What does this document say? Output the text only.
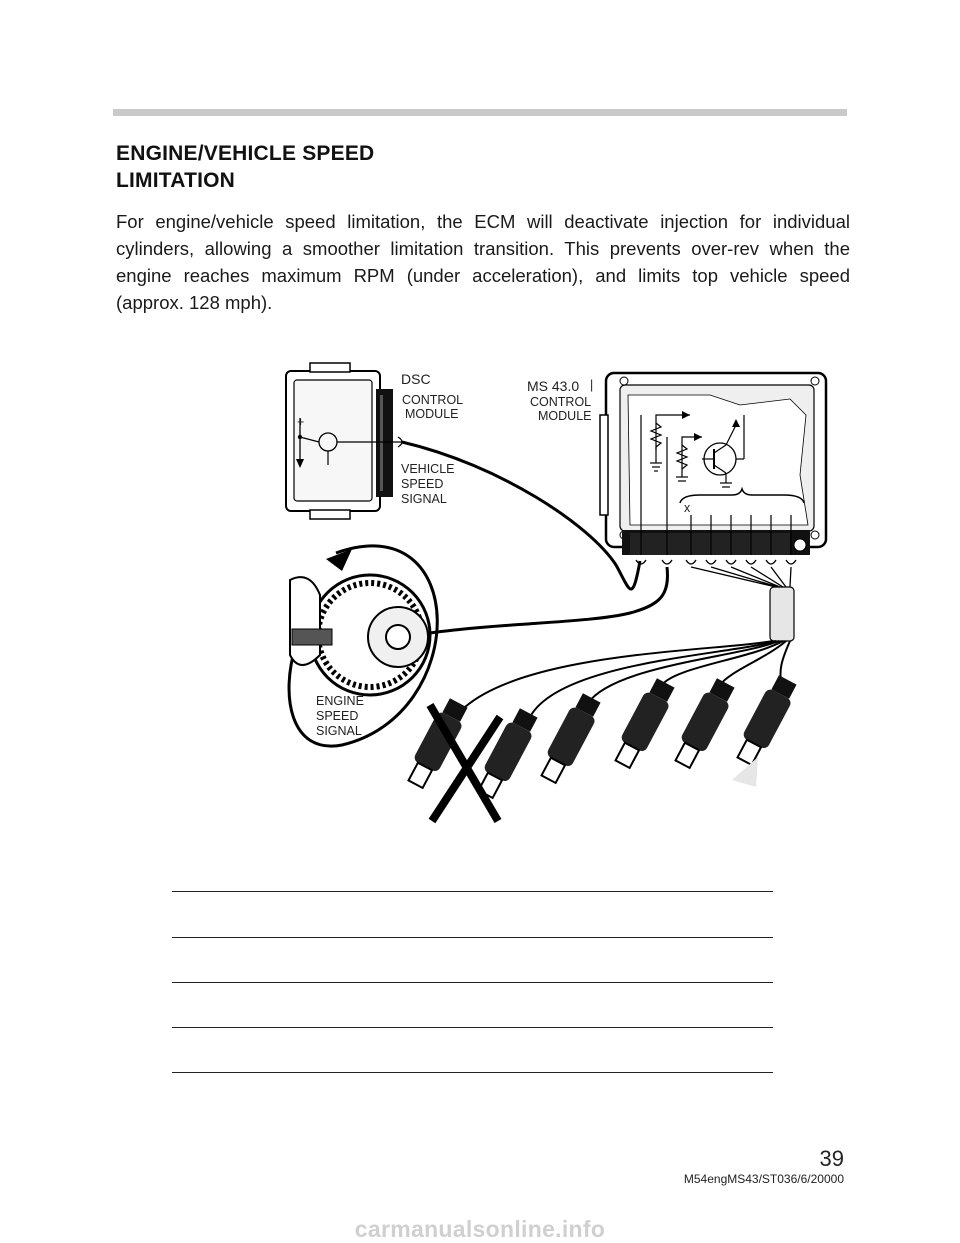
ENGINE/VEHICLE SPEED
LIMITATION
For engine/vehicle speed limitation, the ECM will deactivate injection for individual cylinders, allowing a smoother limitation transition. This prevents over-rev when the engine reaches maximum RPM (under acceleration), and limits top vehicle speed (approx. 128 mph).
+
DSC
CONTROL
MODULE
VEHICLE
SPEED
SIGNAL
x
MS 43.0 |
CONTROL
MODULE
ENGINE
SPEED
SIGNAL
39
M54engMS43/ST036/6/20000
carmanualsonline.info
